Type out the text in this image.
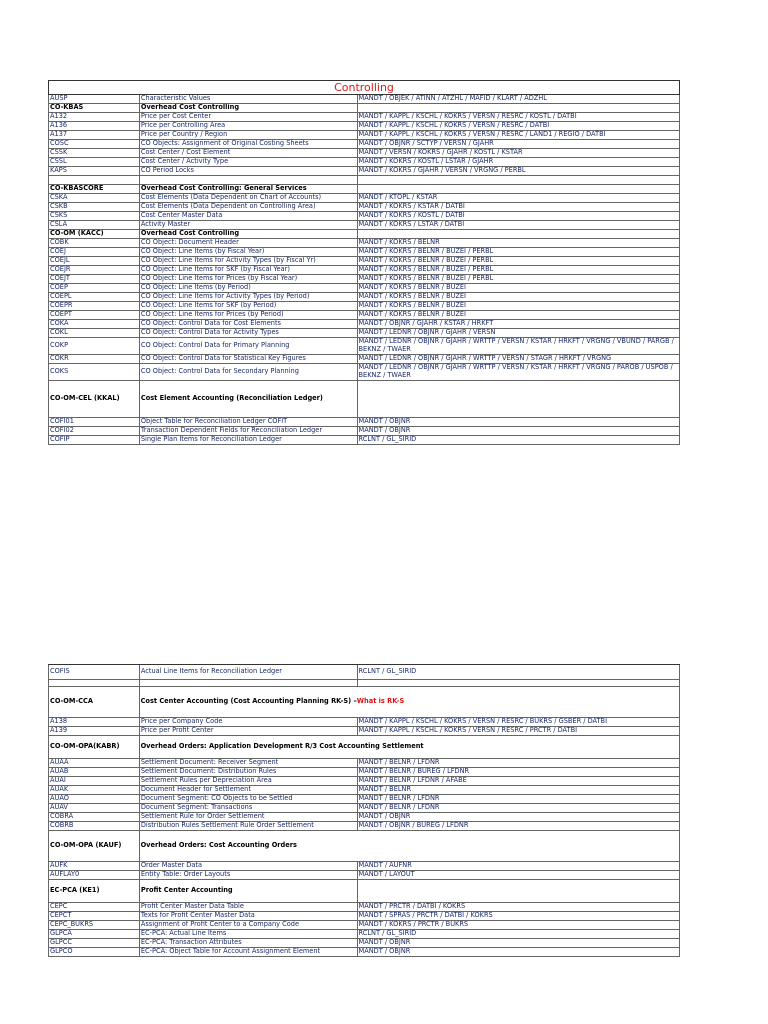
Controlling
AUSP	Characteristic Values	MANDT / OBJEK / ATINN / ATZHL / MAFID / KLART / ADZHL
CO-KBAS	Overhead Cost Controlling
A132	Price per Cost Center	MANDT / KAPPL / KSCHL / KOKRS / VERSN / RESRC / KOSTL / DATBI
A136	Price per Controlling Area	MANDT / KAPPL / KSCHL / KOKRS / VERSN / RESRC / DATBI
A137	Price per Country / Region	MANDT / KAPPL / KSCHL / KOKRS / VERSN / RESRC / LAND1 / REGIO / DATBI
COSC	CO Objects: Assignment of Original Costing Sheets	MANDT / OBJNR / SCTYP / VERSN / GJAHR
CSSK	Cost Center / Cost Element	MANDT / VERSN / KOKRS / GJAHR / KOSTL / KSTAR
CSSL	Cost Center / Activity Type	MANDT / KOKRS / KOSTL / LSTAR / GJAHR
KAPS	CO Period Locks	MANDT / KOKRS / GJAHR / VERSN / VRGNG / PERBL
CO-KBASCORE	Overhead Cost Controlling: General Services
CSKA	Cost Elements (Data Dependent on Chart of Accounts)	MANDT / KTOPL / KSTAR
CSKB	Cost Elements (Data Dependent on Controlling Area)	MANDT / KOKRS / KSTAR / DATBI
CSKS	Cost Center Master Data	MANDT / KOKRS / KOSTL / DATBI
CSLA	Activity Master	MANDT / KOKRS / LSTAR / DATBI
CO-OM (KACC)	Overhead Cost Controlling
COBK	CO Object: Document Header	MANDT / KOKRS / BELNR
COEJ	CO Object: Line Items (by Fiscal Year)	MANDT / KOKRS / BELNR / BUZEI / PERBL
COEJL	CO Object: Line Items for Activity Types (by Fiscal Yr)	MANDT / KOKRS / BELNR / BUZEI / PERBL
COEJR	CO Object: Line Items for SKF (by Fiscal Year)	MANDT / KOKRS / BELNR / BUZEI / PERBL
COEJT	CO Object: Line Items for Prices (by Fiscal Year)	MANDT / KOKRS / BELNR / BUZEI / PERBL
COEP	CO Object: Line Items (by Period)	MANDT / KOKRS / BELNR / BUZEI
COEPL	CO Object: Line Items for Activity Types (by Period)	MANDT / KOKRS / BELNR / BUZEI
COEPR	CO Object: Line Items for SKF (by Period)	MANDT / KOKRS / BELNR / BUZEI
COEPT	CO Object: Line Items for Prices (by Period)	MANDT / KOKRS / BELNR / BUZEI
COKA	CO Object: Control Data for Cost Elements	MANDT / OBJNR / GJAHR / KSTAR / HRKFT
COKL	CO Object: Control Data for Activity Types	MANDT / LEDNR / OBJNR / GJAHR / VERSN
COKP	CO Object: Control Data for Primary Planning	MANDT / LEDNR / OBJNR / GJAHR / WRTTP / VERSN / KSTAR / HRKFT / VRGNG / VBUND / PARGB / BEKNZ / TWAER
COKR	CO Object: Control Data for Statistical Key Figures	MANDT / LEDNR / OBJNR / GJAHR / WRTTP / VERSN / STAGR / HRKFT / VRGNG
COKS	CO Object: Control Data for Secondary Planning	MANDT / LEDNR / OBJNR / GJAHR / WRTTP / VERSN / KSTAR / HRKFT / VRGNG / PAROB / USPOB / BEKNZ / TWAER
CO-OM-CEL (KKAL)	Cost Element Accounting (Reconciliation Ledger)
COFI01	Object Table for Reconciliation Ledger COFIT	MANDT / OBJNR
COFI02	Transaction Dependent Fields for Reconciliation Ledger	MANDT / OBJNR
COFIP	Single Plan Items for Reconciliation Ledger	RCLNT / GL_SIRID
COFIS	Actual Line Items for Reconciliation Ledger	RCLNT / GL_SIRID
CO-OM-CCA	Cost Center Accounting (Cost Accounting Planning RK-S) – What is RK-S
A138	Price per Company Code	MANDT / KAPPL / KSCHL / KOKRS / VERSN / RESRC / BUKRS / GSBER / DATBI
A139	Price per Profit Center	MANDT / KAPPL / KSCHL / KOKRS / VERSN / RESRC / PRCTR / DATBI
CO-OM-OPA(KABR)	Overhead Orders: Application Development R/3 Cost Accounting Settlement
AUAA	Settlement Document: Receiver Segment	MANDT / BELNR / LFDNR
AUAB	Settlement Document: Distribution Rules	MANDT / BELNR / BUREG / LFDNR
AUAI	Settlement Rules per Depreciation Area	MANDT / BELNR / LFDNR / AFABE
AUAK	Document Header for Settlement	MANDT / BELNR
AUAO	Document Segment: CO Objects to be Settled	MANDT / BELNR / LFDNR
AUAV	Document Segment: Transactions	MANDT / BELNR / LFDNR
COBRA	Settlement Rule for Order Settlement	MANDT / OBJNR
COBRB	Distribution Rules Settlement Rule Order Settlement	MANDT / OBJNR / BUREG / LFDNR
CO-OM-OPA (KAUF)	Overhead Orders: Cost Accounting Orders
AUFK	Order Master Data	MANDT / AUFNR
AUFLAY0	Entity Table: Order Layouts	MANDT / LAYOUT
EC-PCA (KE1)	Profit Center Accounting
CEPC	Profit Center Master Data Table	MANDT / PRCTR / DATBI / KOKRS
CEPCT	Texts for Profit Center Master Data	MANDT / SPRAS / PRCTR / DATBI / KOKRS
CEPC_BUKRS	Assignment of Profit Center to a Company Code	MANDT / KOKRS / PRCTR / BUKRS
GLPCA	EC-PCA: Actual Line Items	RCLNT / GL_SIRID
GLPCC	EC-PCA: Transaction Attributes	MANDT / OBJNR
GLPCO	EC-PCA: Object Table for Account Assignment Element	MANDT / OBJNR
